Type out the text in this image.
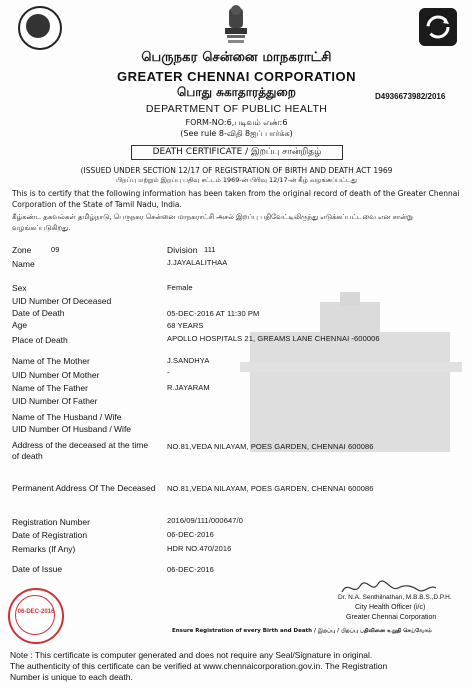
பெருநகர சென்னை மாநகராட்சி
GREATER CHENNAI CORPORATION
பொது சுகாதாரத்துறை
DEPARTMENT OF PUBLIC HEALTH
FORM-NO:6,படிவம் எண்:6
(See rule 8-விதி 8ஐப் பார்க்க)
D4936673982/2016
DEATH CERTIFICATE / இறப்பு சான்றிதழ்
(ISSUED UNDER SECTION 12/17 OF REGISTRATION OF BIRTH AND DEATH ACT 1969
பிறப்பு மற்றும் இறப்பு பதிவு சட்டம் 1969-ன் பிரிவு 12/17-ன் கீழ் வழங்கப்பட்டது
This is to certify that the following information has been taken from the original record of death of the Greater Chennai Corporation of the State of Tamil Nadu, India.
கீழ்கண்ட தகவல்கள் தமிழ்நாடு, பெருநகர சென்னை மாநகராட்சி அசல் இறப்பு பதிவேட்டிலிருந்து எடுக்கப்பட்டவை என சான்று வழங்கப்படுகிறது.
Zone	09	Division 111
Name	J.JAYALALITHAA
Sex	Female
UID Number Of Deceased
Date of Death	05-DEC-2016 AT 11:30 PM
Age	68 YEARS
Place of Death	APOLLO HOSPITALS 21, GREAMS LANE CHENNAI -600006
Name of The Mother	J.SANDHYA
UID Number Of Mother	-
Name of The Father	R.JAYARAM
UID Number Of Father
Name of The Husband / Wife
UID Number Of Husband / Wife
Address of the deceased at the time
of death
NO.81,VEDA NILAYAM, POES GARDEN, CHENNAI 600086
Permanent Address Of The Deceased NO.81,VEDA NILAYAM, POES GARDEN, CHENNAI 600086
Registration Number	2016/09/111/000647/0
Date of Registration	06-DEC-2016
Remarks (If Any)	HDR NO.470/2016
Date of Issue	06-DEC-2016
Dr. N.A. Senthilnathan, M.B.B.S.,D.P.H.
City Health Officer (i/c)
Greater Chennai Corporation
Ensure Registration of every Birth and Death / இறப்பு / பிறப்பு பதிவினை உறுதி செய்வோம்
06-DEC-2016
Note : This certificate is computer generated and does not require any Seal/Signature in original.
The authenticity of this certificate can be verified at www.chennaicorporation.gov.in. The Registration
Number is unique to each death.
